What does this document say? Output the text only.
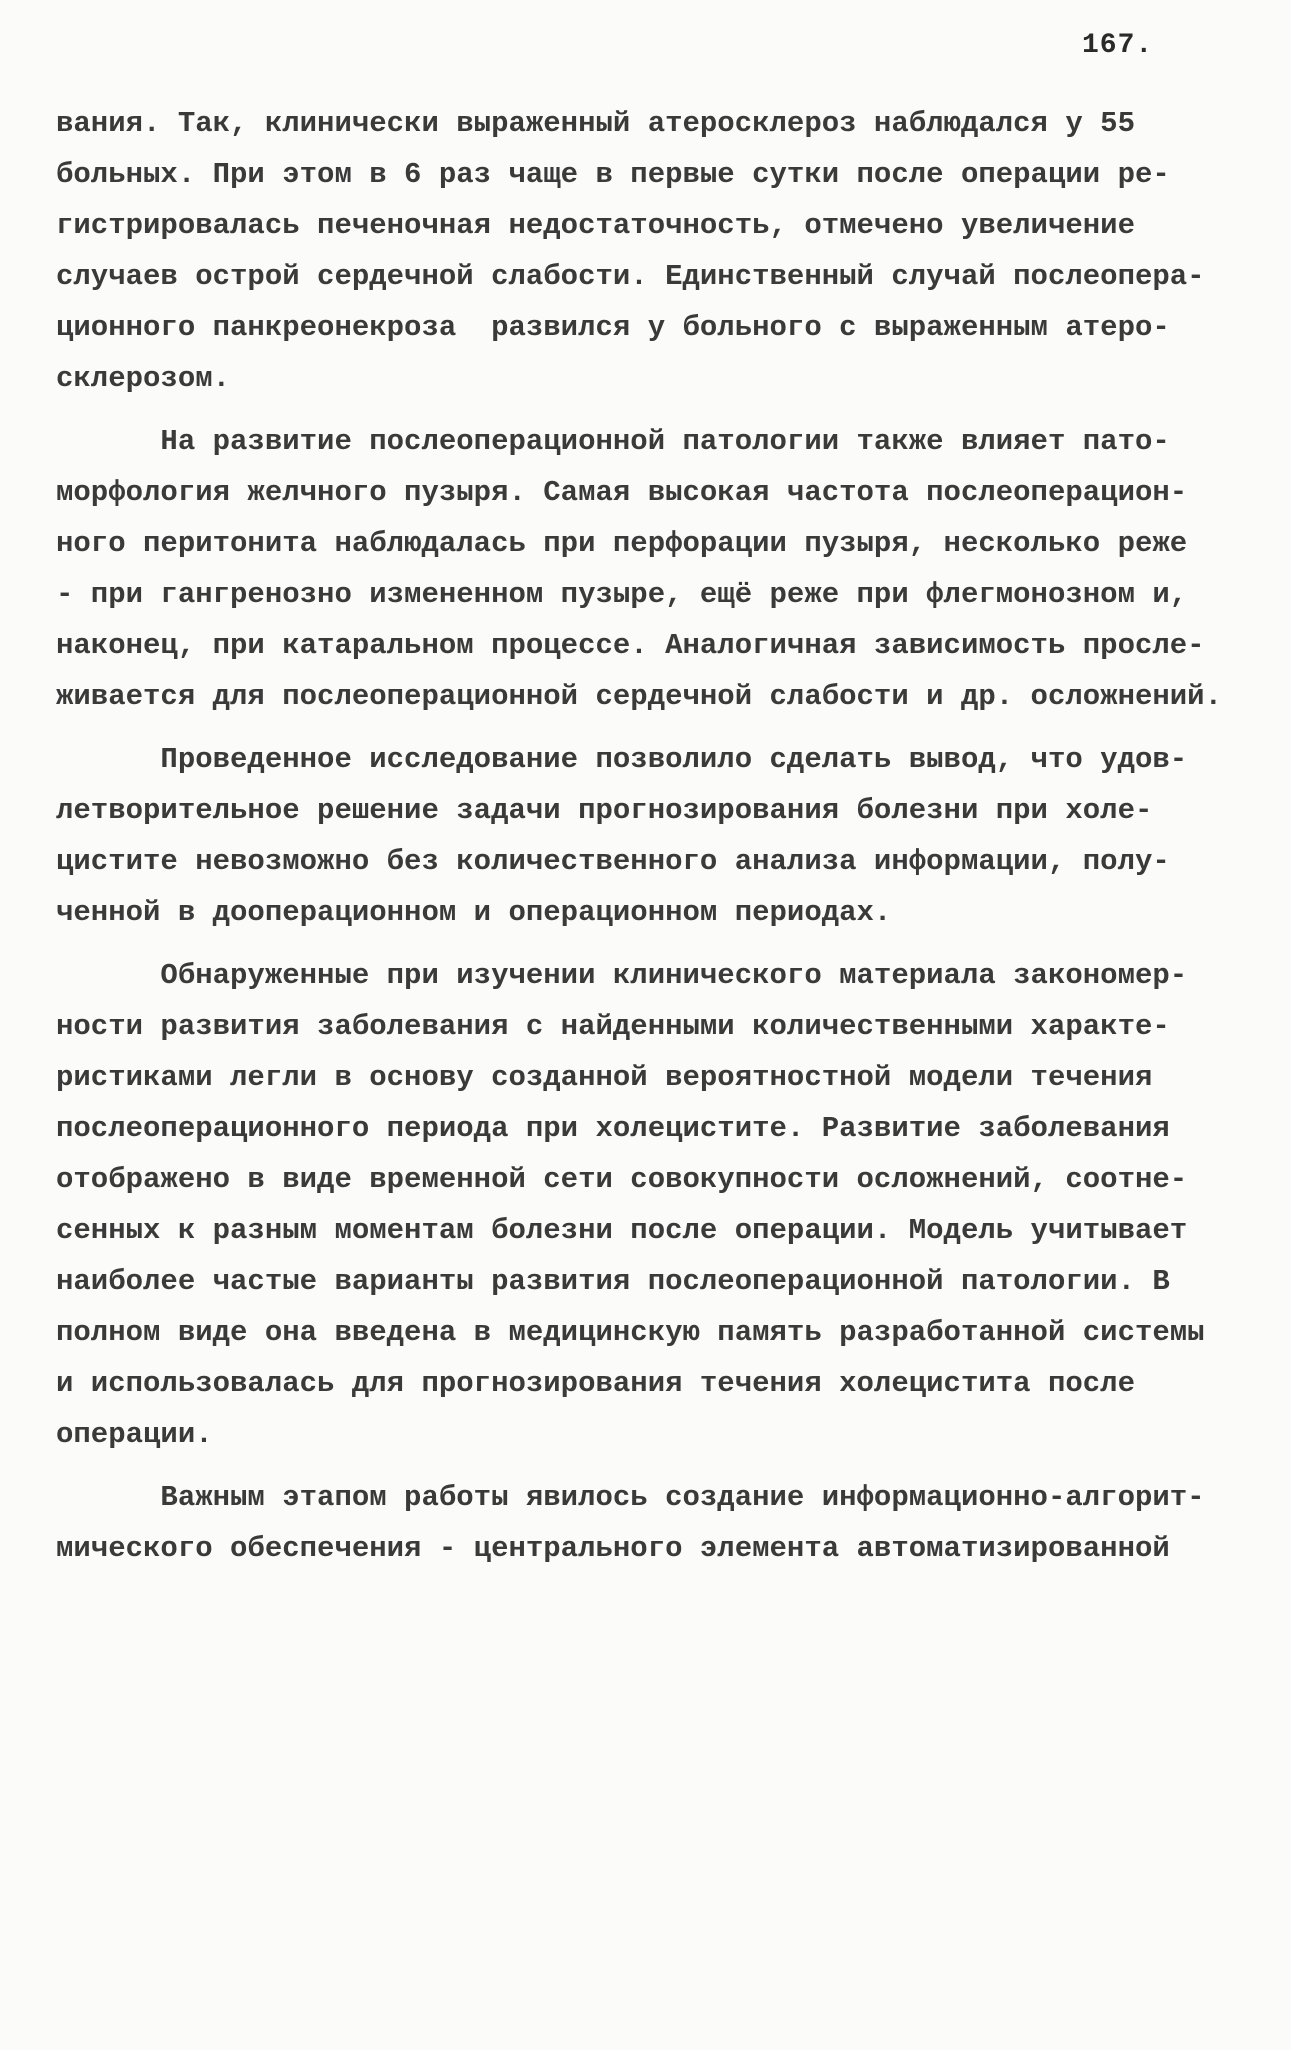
167.
вания. Так, клинически выраженный атеросклероз наблюдался у 55
больных. При этом в 6 раз чаще в первые сутки после операции ре-
гистрировалась печеночная недостаточность, отмечено увеличение
случаев острой сердечной слабости. Единственный случай послеопера-
ционного панкреонекроза  развился у больного с выраженным атеро-
склерозом.
На развитие послеоперационной патологии также влияет пато-
морфология желчного пузыря. Самая высокая частота послеоперацион-
ного перитонита наблюдалась при перфорации пузыря, несколько реже
- при гангренозно измененном пузыре, ещё реже при флегмонозном и,
наконец, при катаральном процессе. Аналогичная зависимость просле-
живается для послеоперационной сердечной слабости и др. осложнений.
Проведенное исследование позволило сделать вывод, что удов-
летворительное решение задачи прогнозирования болезни при холе-
цистите невозможно без количественного анализа информации, полу-
ченной в дооперационном и операционном периодах.
Обнаруженные при изучении клинического материала закономер-
ности развития заболевания с найденными количественными характе-
ристиками легли в основу созданной вероятностной модели течения
послеоперационного периода при холецистите. Развитие заболевания
отображено в виде временной сети совокупности осложнений, соотне-
сенных к разным моментам болезни после операции. Модель учитывает
наиболее частые варианты развития послеоперационной патологии. В
полном виде она введена в медицинскую память разработанной системы
и использовалась для прогнозирования течения холецистита после
операции.
Важным этапом работы явилось создание информационно-алгорит-
мического обеспечения - центрального элемента автоматизированной
